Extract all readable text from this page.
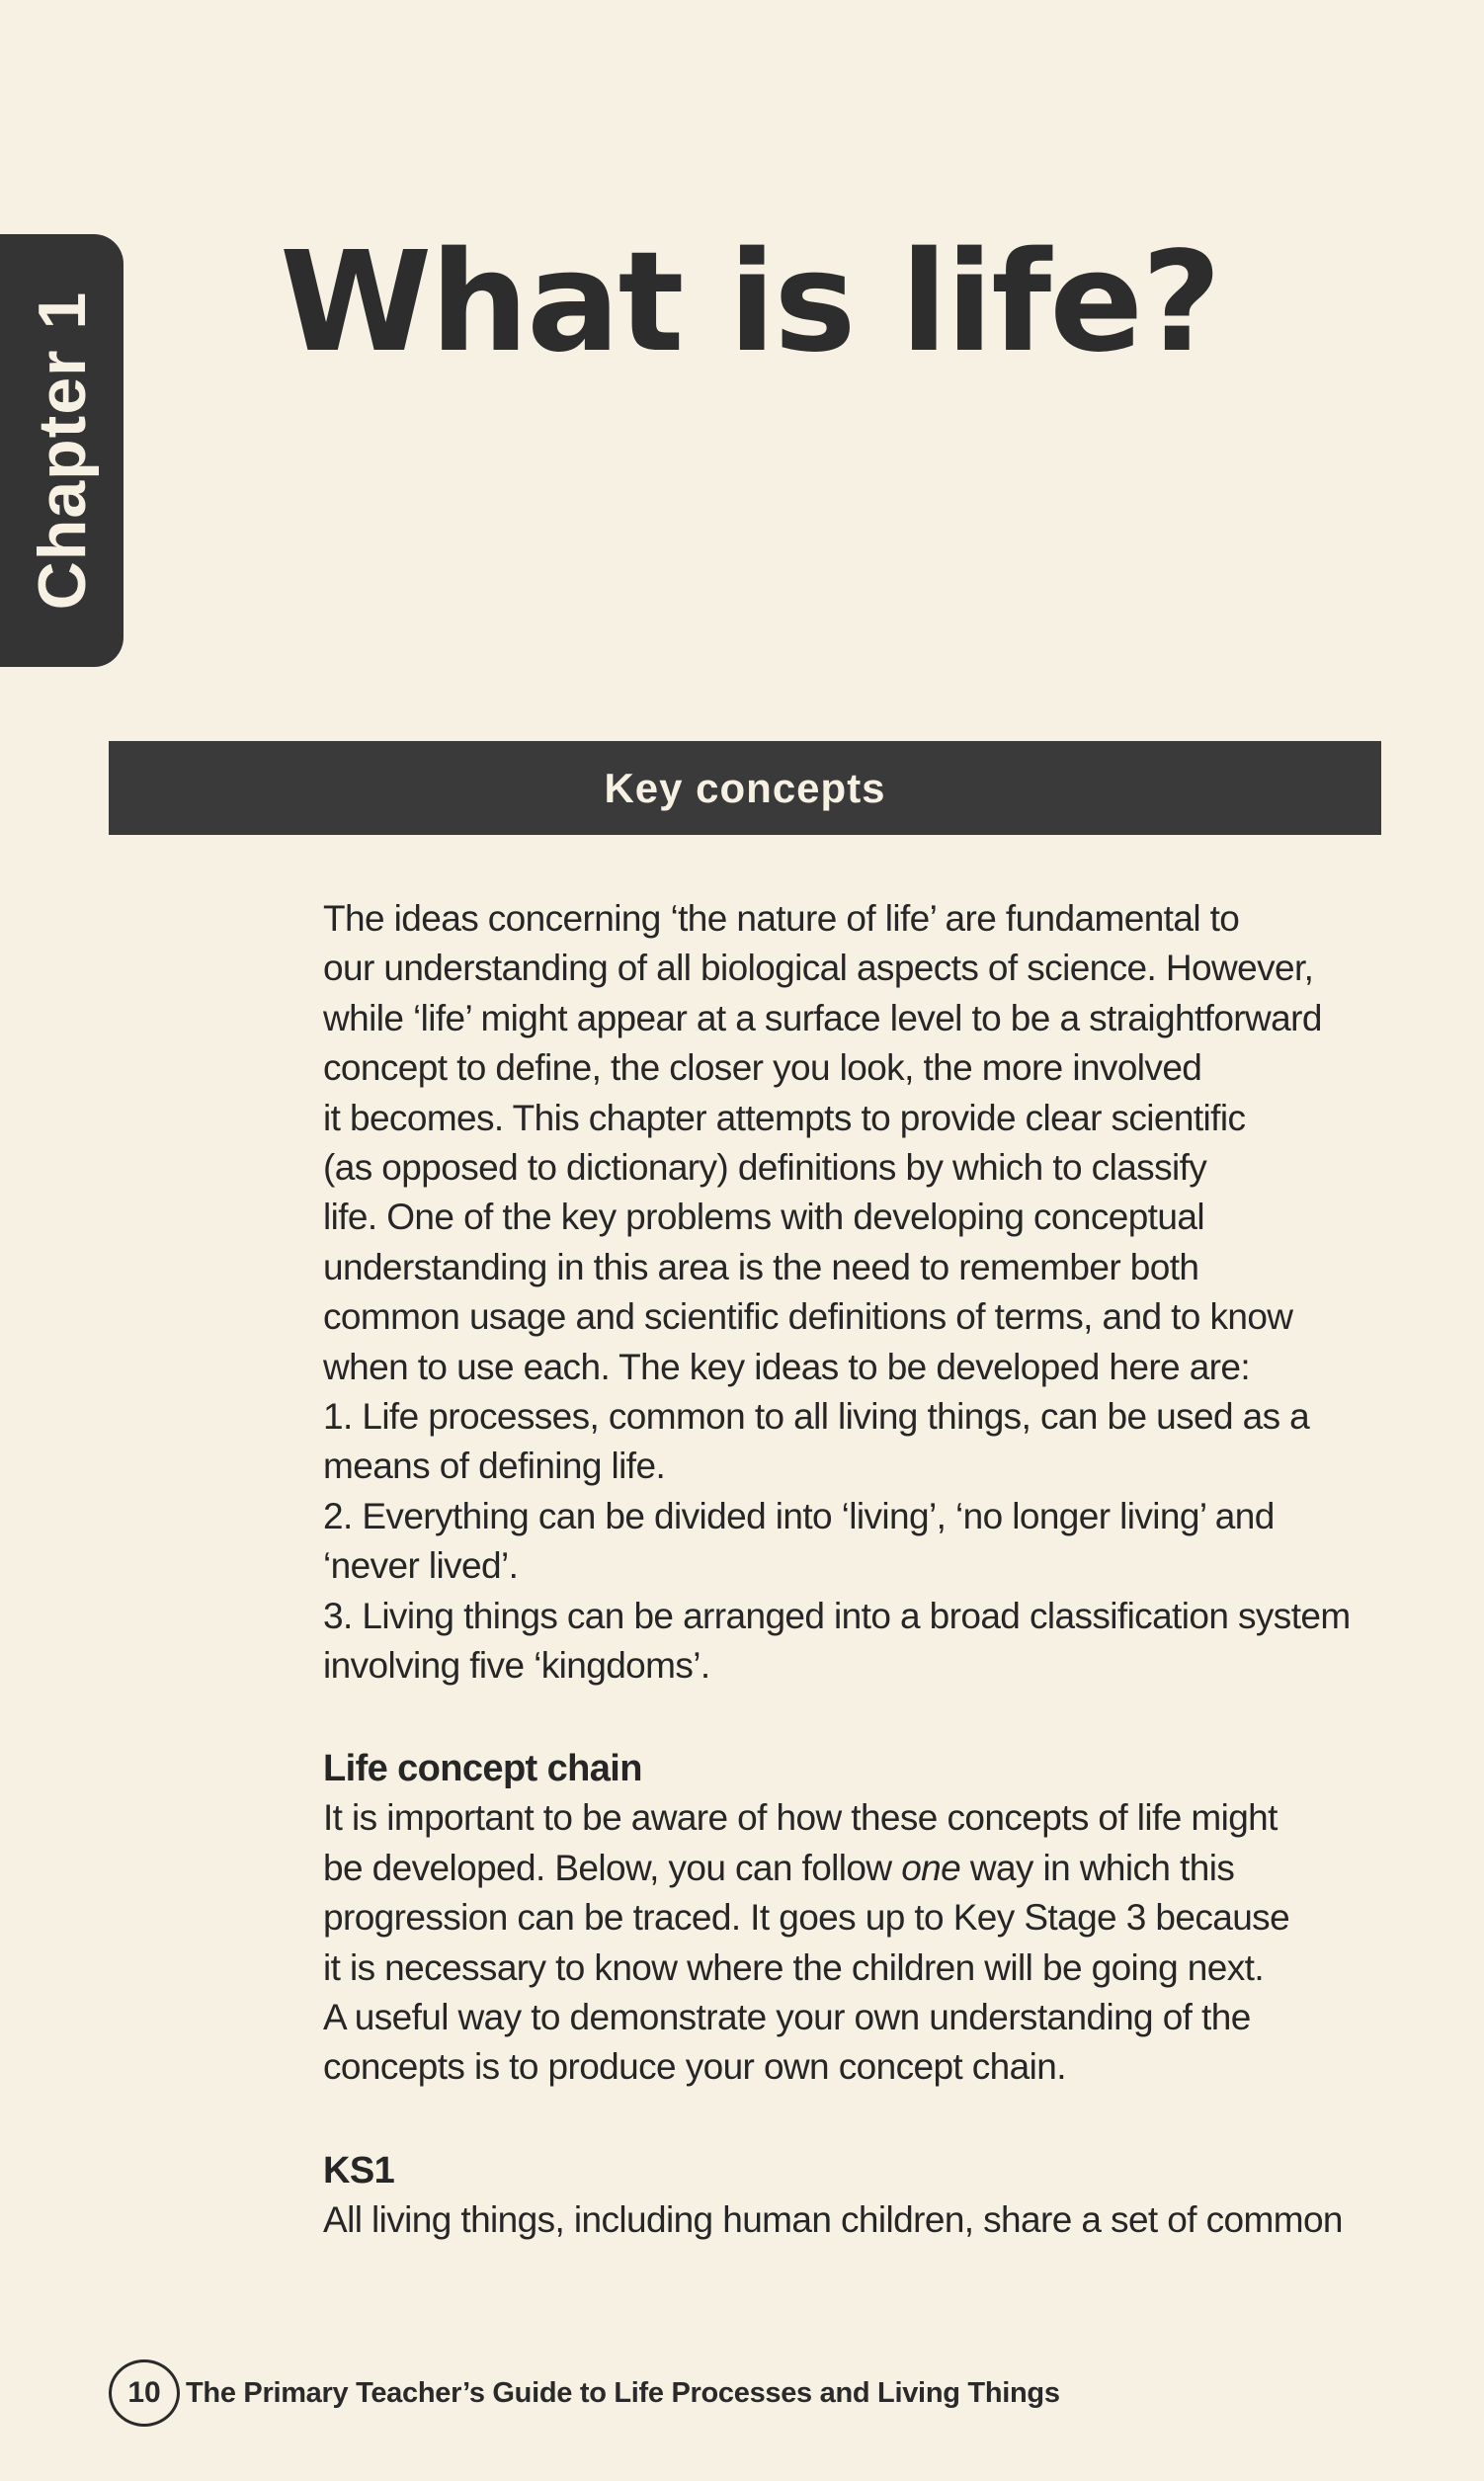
Chapter 1 What is life?
Key concepts
The ideas concerning ‘the nature of life’ are fundamental to
our understanding of all biological aspects of science. However,
while ‘life’ might appear at a surface level to be a straightforward
concept to define, the closer you look, the more involved
it becomes. This chapter attempts to provide clear scientific
(as opposed to dictionary) definitions by which to classify
life. One of the key problems with developing conceptual
understanding in this area is the need to remember both
common usage and scientific definitions of terms, and to know
when to use each. The key ideas to be developed here are:
1. Life processes, common to all living things, can be used as a
means of defining life.
2. Everything can be divided into ‘living’, ‘no longer living’ and
‘never lived’.
3. Living things can be arranged into a broad classification system
involving five ‘kingdoms’.
Life concept chain
It is important to be aware of how these concepts of life might
be developed. Below, you can follow one way in which this
progression can be traced. It goes up to Key Stage 3 because
it is necessary to know where the children will be going next.
A useful way to demonstrate your own understanding of the
concepts is to produce your own concept chain.
KS1
All living things, including human children, share a set of common
10 The Primary Teacher’s Guide to Life Processes and Living Things
